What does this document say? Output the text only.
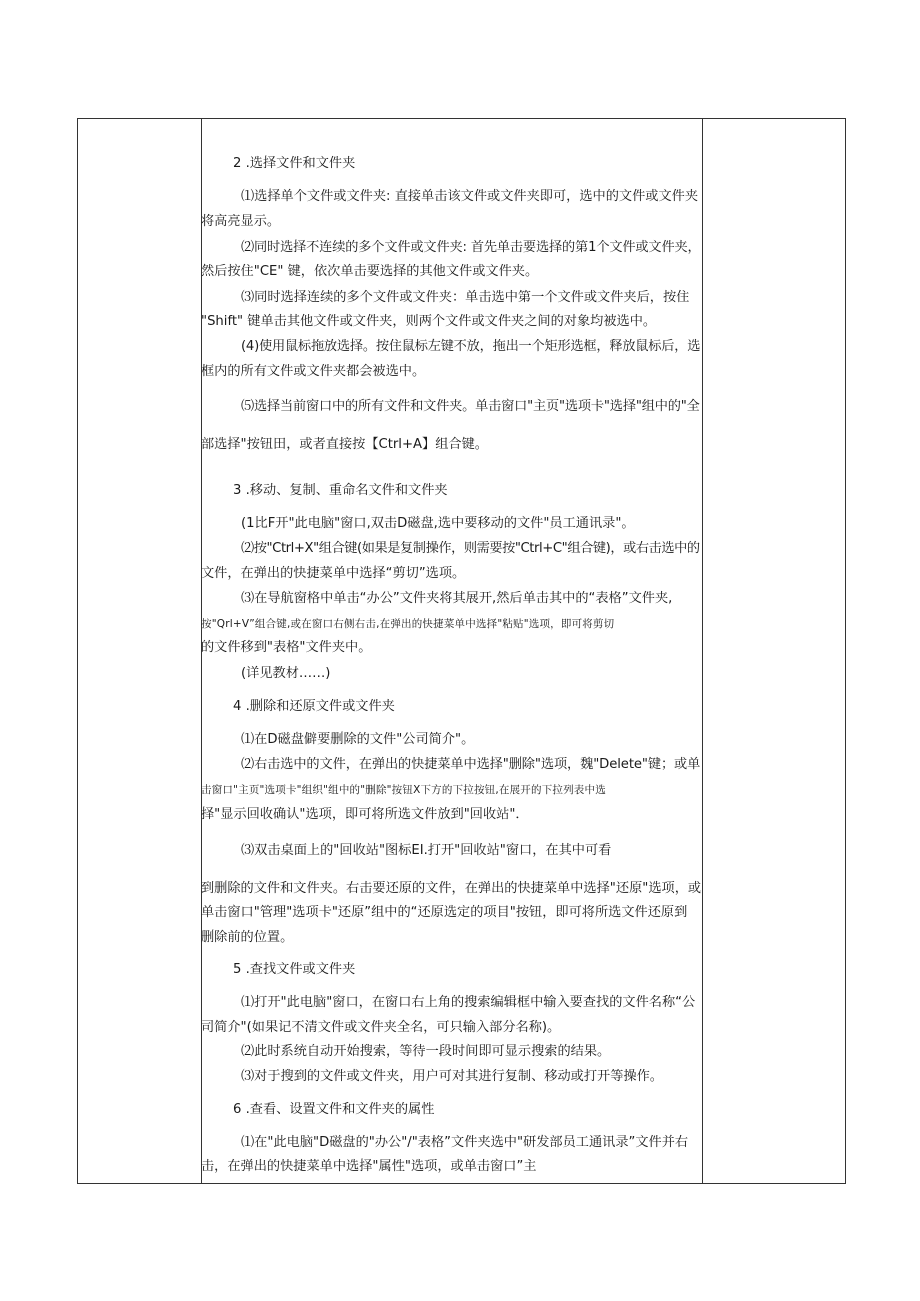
2 .选择文件和文件夹
⑴选择单个文件或文件夹: 直接单击该文件或文件夹即可，选中的文件或文件夹
将高亮显示。
⑵同时选择不连续的多个文件或文件夹: 首先单击要选择的第1个文件或文件夹，
然后按住"CE" 键，依次单击要选择的其他文件或文件夹。
⑶同时选择连续的多个文件或文件夹：单击选中第一个文件或文件夹后，按住
"Shift" 键单击其他文件或文件夹，则两个文件或文件夹之间的对象均被选中。
(4)使用鼠标拖放选择。按住鼠标左键不放，拖出一个矩形选框，释放鼠标后，选
框内的所有文件或文件夹都会被选中。
⑸选择当前窗口中的所有文件和文件夹。单击窗口"主页"选项卡"选择"组中的"全
部选择"按钮田，或者直接按【Ctrl+A】组合键。
3 .移动、复制、重命名文件和文件夹
(1比F开"此电脑"窗口,双击D磁盘,选中要移动的文件"员工通讯录"。
⑵按"Ctrl+X"组合键(如果是复制操作，则需要按"Ctrl+C"组合键)，或右击选中的
文件，在弹出的快捷菜单中选择“剪切”选项。
⑶在导航窗格中单击“办公”文件夹将其展开,然后单击其中的“表格”文件夹,
按"Qrl+V”组合键,或在窗口右侧右击,在弹出的快捷菜单中选择"粘贴"选项，即可将剪切
的文件移到"表格"文件夹中。
(详见教材……)
4 .删除和还原文件或文件夹
⑴在D磁盘僻要删除的文件"公司简介"。
⑵右击选中的文件，在弹出的快捷菜单中选择"删除"选项，魏"Delete"键；或单
击窗口"主页"选项卡"组织"组中的"删除"按钮X下方的下拉按钮,在展开的下拉列表中选
择"显示回收确认"选项，即可将所选文件放到"回收站"．
⑶双击桌面上的"回收站"图标EI.打开"回收站"窗口，在其中可看
到删除的文件和文件夹。右击要还原的文件，在弹出的快捷菜单中选择"还原"选项，或
单击窗口"管理"选项卡"还原”组中的“还原选定的项目"按钮，即可将所选文件还原到
删除前的位置。
5 .查找文件或文件夹
⑴打开"此电脑"窗口，在窗口右上角的搜索编辑框中输入要查找的文件名称“公
司简介"(如果记不清文件或文件夹全名，可只输入部分名称)。
⑵此时系统自动开始搜索，等待一段时间即可显示搜索的结果。
⑶对于搜到的文件或文件夹，用户可对其进行复制、移动或打开等操作。
6 .查看、设置文件和文件夹的属性
⑴在"此电脑"D磁盘的"办公"/"表格”文件夹选中"研发部员工通讯录”文件并右
击，在弹出的快捷菜单中选择"属性"选项，或单击窗口”主
